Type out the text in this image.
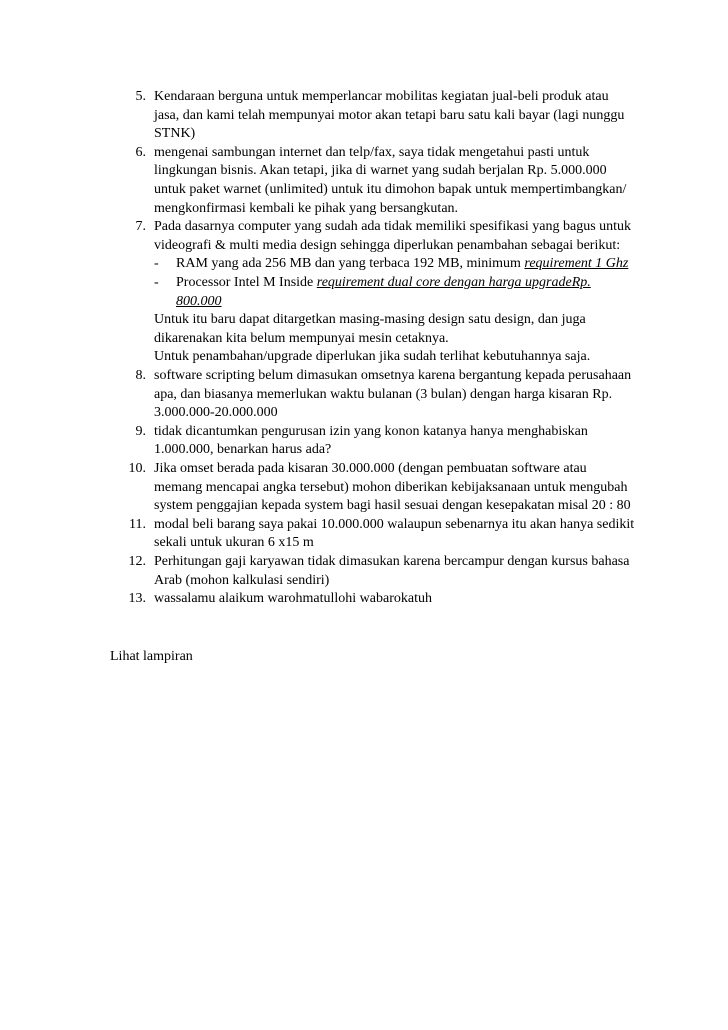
5. Kendaraan berguna untuk memperlancar mobilitas kegiatan jual-beli produk atau
jasa, dan kami telah mempunyai motor akan tetapi baru satu kali bayar (lagi nunggu
STNK)
6. mengenai sambungan internet dan telp/fax, saya tidak mengetahui pasti untuk
lingkungan bisnis. Akan tetapi, jika di warnet yang sudah berjalan Rp. 5.000.000
untuk paket warnet (unlimited) untuk itu dimohon bapak untuk mempertimbangkan/
mengkonfirmasi kembali ke pihak yang bersangkutan.
7. Pada dasarnya computer yang sudah ada tidak memiliki spesifikasi yang bagus untuk
videografi & multi media design sehingga diperlukan penambahan sebagai berikut:
- RAM yang ada 256 MB dan yang terbaca 192 MB, minimum requirement 1 Ghz
- Processor Intel M Inside requirement dual core dengan harga upgradeRp.
800.000
Untuk itu baru dapat ditargetkan masing-masing design satu design, dan juga
dikarenakan kita belum mempunyai mesin cetaknya.
Untuk penambahan/upgrade diperlukan jika sudah terlihat kebutuhannya saja.
8. software scripting belum dimasukan omsetnya karena bergantung kepada perusahaan
apa, dan biasanya memerlukan waktu bulanan (3 bulan) dengan harga kisaran Rp.
3.000.000-20.000.000
9. tidak dicantumkan pengurusan izin yang konon katanya hanya menghabiskan
1.000.000, benarkan harus ada?
10. Jika omset berada pada kisaran 30.000.000 (dengan pembuatan software atau
memang mencapai angka tersebut) mohon diberikan kebijaksanaan untuk mengubah
system penggajian kepada system bagi hasil sesuai dengan kesepakatan misal 20 : 80
11. modal beli barang saya pakai 10.000.000 walaupun sebenarnya itu akan hanya sedikit
sekali untuk ukuran 6 x15 m
12. Perhitungan gaji karyawan tidak dimasukan karena bercampur dengan kursus bahasa
Arab (mohon kalkulasi sendiri)
13. wassalamu alaikum warohmatullohi wabarokatuh
Lihat lampiran
